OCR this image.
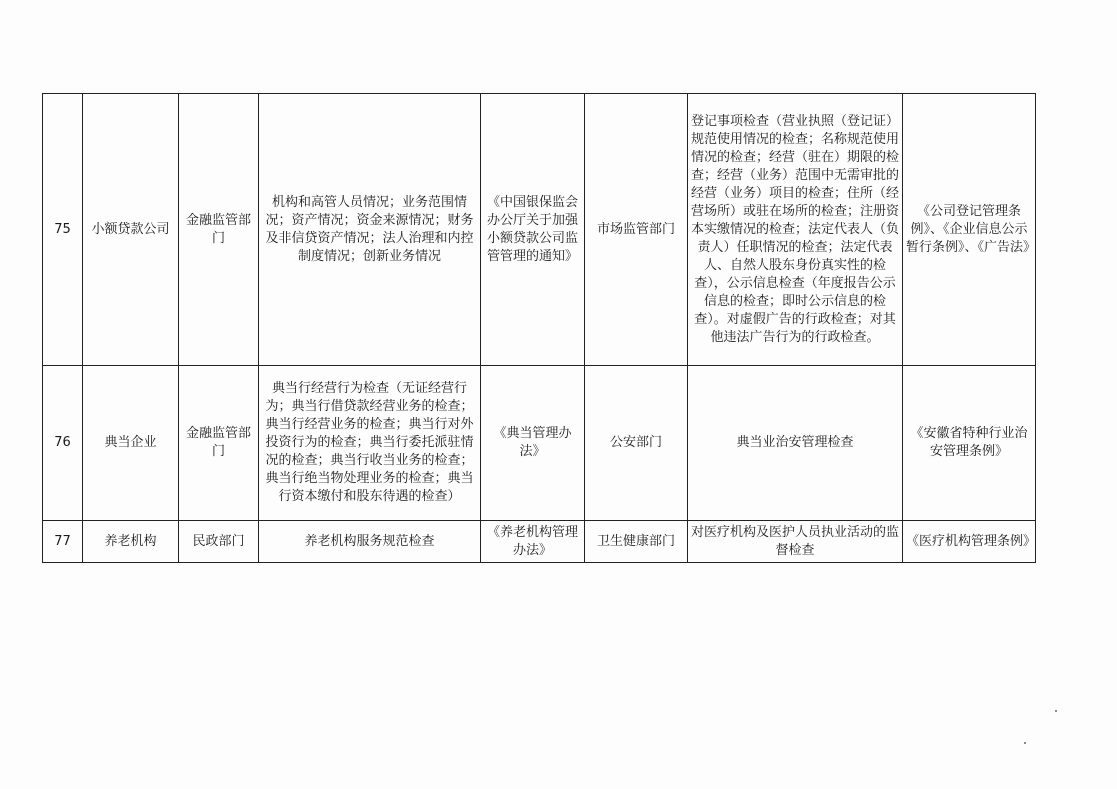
75	小额贷款公司	金融监管部门	机构和高管人员情况；业务范围情况；资产情况；资金来源情况；财务及非信贷资产情况；法人治理和内控制度情况；创新业务情况	《中国银保监会办公厅关于加强小额贷款公司监管管理的通知》	市场监管部门	登记事项检查（营业执照（登记证）规范使用情况的检查；名称规范使用情况的检查；经营（驻在）期限的检查；经营（业务）范围中无需审批的经营（业务）项目的检查；住所（经营场所）或驻在场所的检查；注册资本实缴情况的检查；法定代表人（负责人）任职情况的检查；法定代表人、自然人股东身份真实性的检查），公示信息检查（年度报告公示信息的检查；即时公示信息的检查）。对虚假广告的行政检查；对其他违法广告行为的行政检查。	《公司登记管理条例》、《企业信息公示暂行条例》、《广告法》
76	典当企业	金融监管部门	典当行经营行为检查（无证经营行为；典当行借贷款经营业务的检查；典当行经营业务的检查；典当行对外投资行为的检查；典当行委托派驻情况的检查；典当行收当业务的检查；典当行绝当物处理业务的检查；典当行资本缴付和股东待遇的检查）	《典当管理办法》	公安部门	典当业治安管理检查	《安徽省特种行业治安管理条例》
77	养老机构	民政部门	养老机构服务规范检查	《养老机构管理办法》	卫生健康部门	对医疗机构及医护人员执业活动的监督检查	《医疗机构管理条例》
